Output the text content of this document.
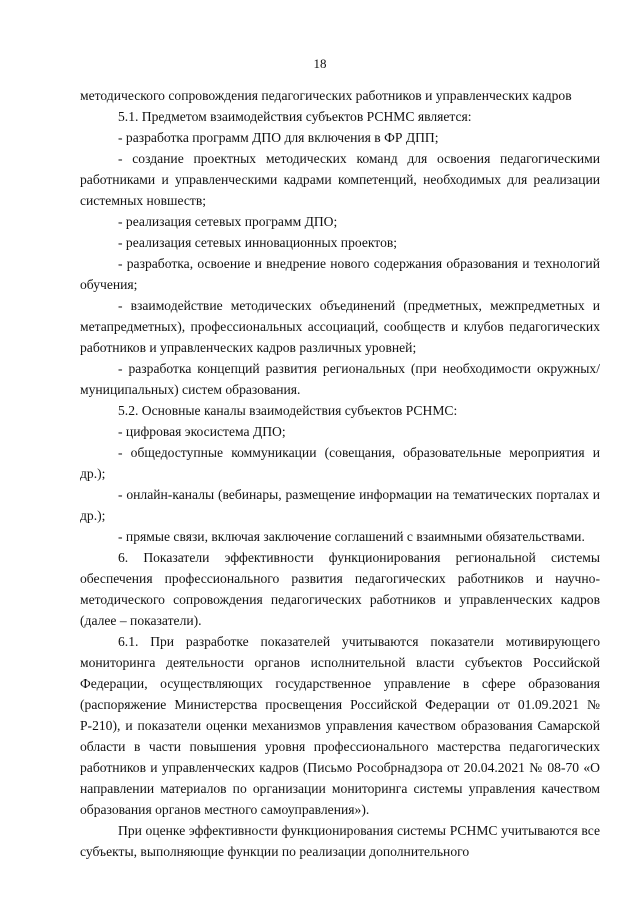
18

методического сопровождения педагогических работников и управленческих кадров

5.1. Предметом взаимодействия субъектов РСНМС является:

- разработка программ ДПО для включения в ФР ДПП;

- создание проектных методических команд для освоения педагогическими работниками и управленческими кадрами компетенций, необходимых для реализации системных новшеств;

- реализация сетевых программ ДПО;

- реализация сетевых инновационных проектов;

- разработка, освоение и внедрение нового содержания образования и технологий обучения;

- взаимодействие методических объединений (предметных, межпредметных и метапредметных), профессиональных ассоциаций, сообществ и клубов педагогических работников и управленческих кадров различных уровней;

- разработка концепций развития региональных (при необходимости окружных/муниципальных) систем образования.

5.2. Основные каналы взаимодействия субъектов РСНМС:

- цифровая экосистема ДПО;

- общедоступные коммуникации (совещания, образовательные мероприятия и др.);

- онлайн-каналы (вебинары, размещение информации на тематических порталах и др.);

- прямые связи, включая заключение соглашений с взаимными обязательствами.

6. Показатели эффективности функционирования региональной системы обеспечения профессионального развития педагогических работников и научно-методического сопровождения педагогических работников и управленческих кадров (далее – показатели).

6.1. При разработке показателей учитываются показатели мотивирующего мониторинга деятельности органов исполнительной власти субъектов Российской Федерации, осуществляющих государственное управление в сфере образования (распоряжение Министерства просвещения Российской Федерации от 01.09.2021 № Р-210), и показатели оценки механизмов управления качеством образования Самарской области в части повышения уровня профессионального мастерства педагогических работников и управленческих кадров (Письмо Рособрнадзора от 20.04.2021 № 08-70 «О направлении материалов по организации мониторинга системы управления качеством образования органов местного самоуправления»).

При оценке эффективности функционирования системы РСНМС учитываются все субъекты, выполняющие функции по реализации дополнительного
